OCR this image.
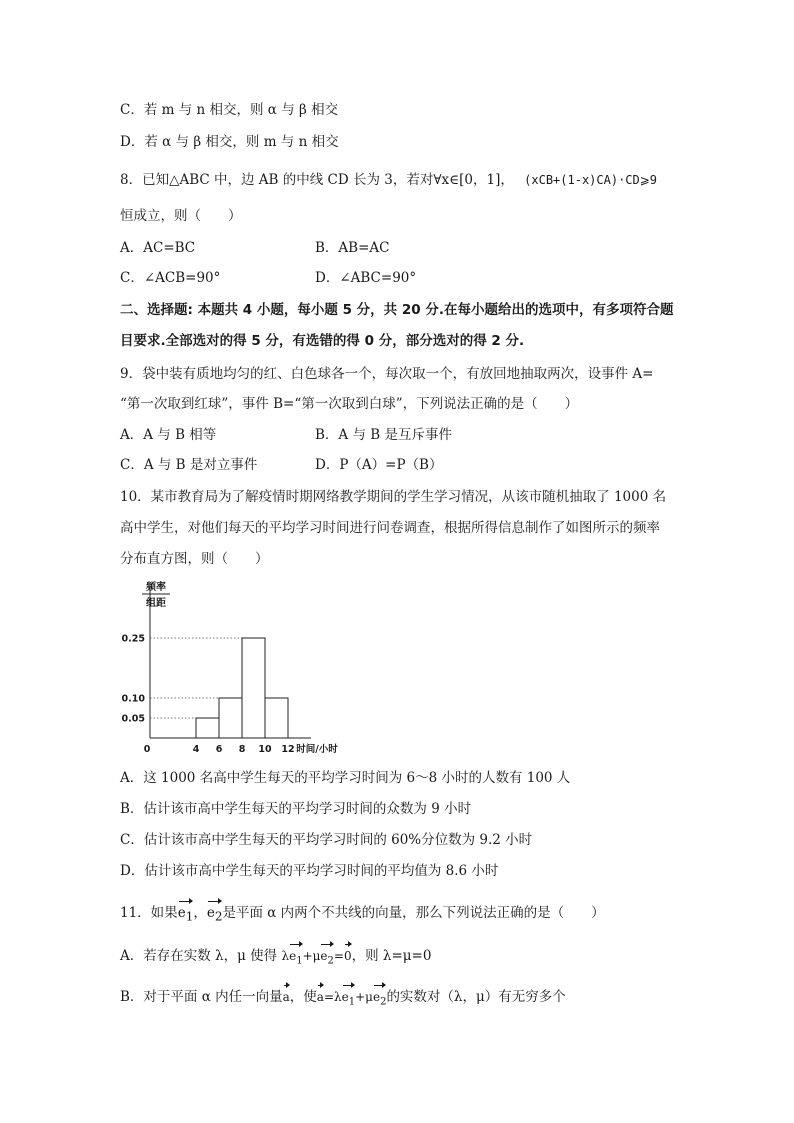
C．若 m 与 n 相交，则 α 与 β 相交
D．若 α 与 β 相交，则 m 与 n 相交
8．已知△ABC 中，边 AB 的中线 CD 长为 3，若对∀x∈[0，1]， (xCB+(1-x)CA)·CD⩾9
恒成立，则（　　）
A．AC=BC	B．AB=AC
C．∠ACB=90°	D．∠ABC=90°
二、选择题: 本题共 4 小题，每小题 5 分，共 20 分.在每小题给出的选项中，有多项符合题
目要求.全部选对的得 5 分，有选错的得 0 分，部分选对的得 2 分.
9．袋中装有质地均匀的红、白色球各一个，每次取一个，有放回地抽取两次，设事件 A=
“第一次取到红球”，事件 B=“第一次取到白球”，下列说法正确的是（　　）
A．A 与 B 相等	B．A 与 B 是互斥事件
C．A 与 B 是对立事件	D．P（A）=P（B）
10．某市教育局为了解疫情时期网络教学期间的学生学习情况，从该市随机抽取了 1000 名
高中学生，对他们每天的平均学习时间进行问卷调查，根据所得信息制作了如图所示的频率
分布直方图，则（　　）
频率
组距
0.05
0.10
0.25
0	4 6 8 10 12 时间/小时
A．这 1000 名高中学生每天的平均学习时间为 6～8 小时的人数有 100 人
B．估计该市高中学生每天的平均学习时间的众数为 9 小时
C．估计该市高中学生每天的平均学习时间的 60%分位数为 9.2 小时
D．估计该市高中学生每天的平均学习时间的平均值为 8.6 小时
11．如果$e_1$，$e_2$是平面 α 内两个不共线的向量，那么下列说法正确的是（　　）
A．若存在实数 λ，μ 使得 $\lambda e_1+\mu e_2=0$，则 λ=μ=0
B．对于平面 α 内任一向量a，使$a=\lambda e_1+\mu e_2$的实数对（λ，μ）有无穷多个
